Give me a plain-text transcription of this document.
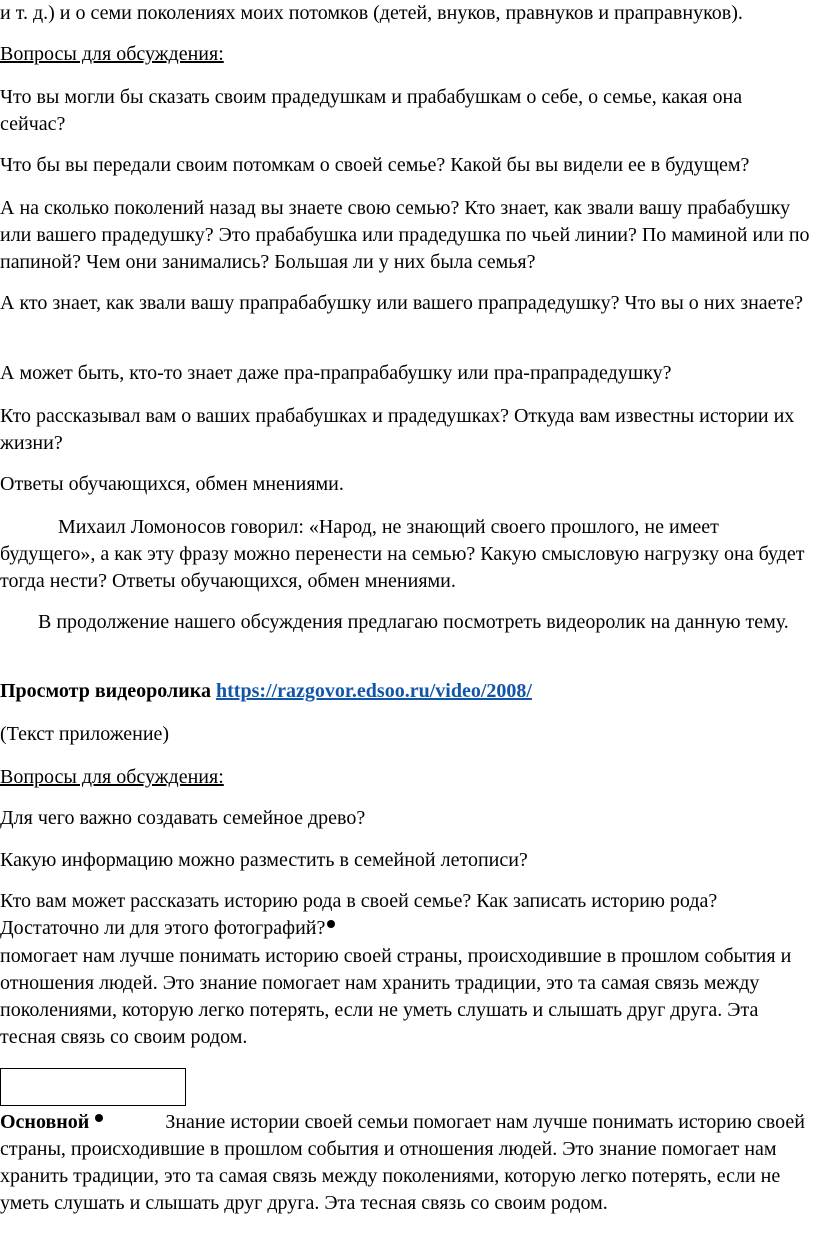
и т. д.) и о семи поколениях моих потомков (детей, внуков, правнуков и праправнуков).

Вопросы для обсуждения:

Что вы могли бы сказать своим прадедушкам и прабабушкам о себе, о семье, какая она сейчас?

Что бы вы передали своим потомкам о своей семье? Какой бы вы видели ее в будущем?

А на сколько поколений назад вы знаете свою семью? Кто знает, как звали вашу прабабушку или вашего прадедушку? Это прабабушка или прадедушка по чьей линии? По маминой или по папиной? Чем они занимались? Большая ли у них была семья?

А кто знает, как звали вашу прапрабабушку или вашего прапрадедушку? Что вы о них знаете?

А может быть, кто-то знает даже пра-прапрабабушку или пра-прапрадедушку?

Кто рассказывал вам о ваших прабабушках и прадедушках? Откуда вам известны истории их жизни?

Ответы обучающихся, обмен мнениями.

Михаил Ломоносов говорил: «Народ, не знающий своего прошлого, не имеет будущего», а как эту фразу можно перенести на семью? Какую смысловую нагрузку она будет тогда нести? Ответы обучающихся, обмен мнениями.

В продолжение нашего обсуждения предлагаю посмотреть видеоролик на данную тему.

Просмотр видеоролика https://razgovor.edsoo.ru/video/2008/

(Текст приложение)

Вопросы для обсуждения:

Для чего важно создавать семейное древо?

Какую информацию можно разместить в семейной летописи?

Кто вам может рассказать историю рода в своей семье? Как записать историю рода? Достаточно ли для этого фотографий?

помогает нам лучше понимать историю своей страны, происходившие в прошлом события и отношения людей. Это знание помогает нам хранить традиции, это та самая связь между поколениями, которую легко потерять, если не уметь слушать и слышать друг друга. Эта тесная связь со своим родом.

Основной	Знание истории своей семьи помогает нам лучше понимать историю своей страны, происходившие в прошлом события и отношения людей. Это знание помогает нам хранить традиции, это та самая связь между поколениями, которую легко потерять, если не уметь слушать и слышать друг друга. Эта тесная связь со своим родом.
